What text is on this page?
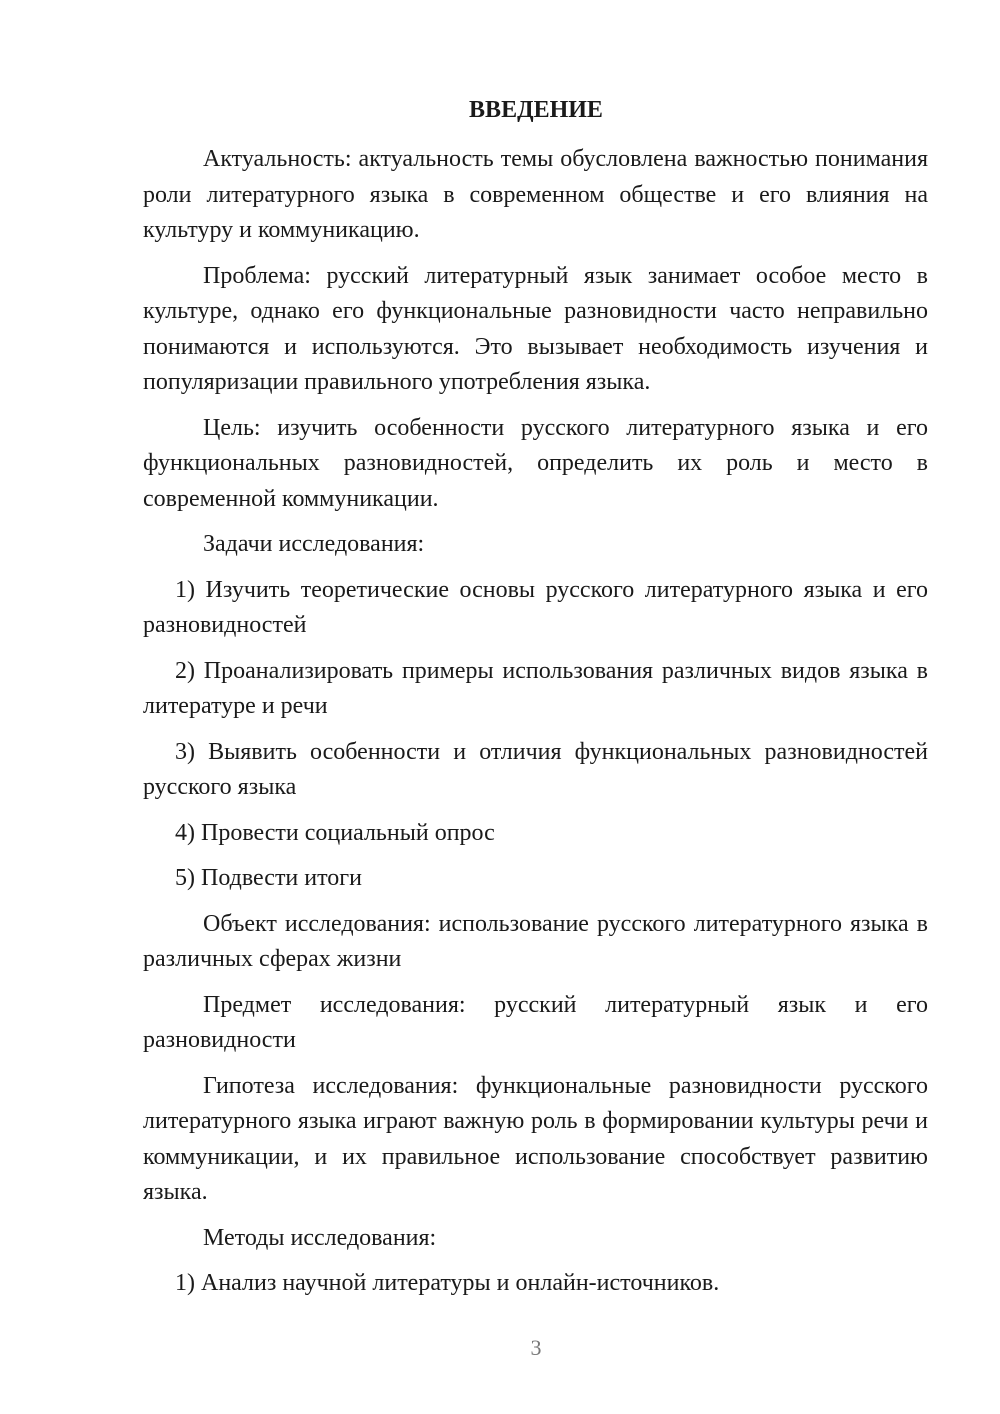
ВВЕДЕНИЕ

Актуальность: актуальность темы обусловлена важностью понимания роли литературного языка в современном обществе и его влияния на культуру и коммуникацию.

Проблема: русский литературный язык занимает особое место в культуре, однако его функциональные разновидности часто неправильно понимаются и используются. Это вызывает необходимость изучения и популяризации правильного употребления языка.

Цель: изучить особенности русского литературного языка и его функциональных разновидностей, определить их роль и место в современной коммуникации.

Задачи исследования:

1) Изучить теоретические основы русского литературного языка и его разновидностей

2) Проанализировать примеры использования различных видов языка в литературе и речи

3) Выявить особенности и отличия функциональных разновидностей русского языка

4) Провести социальный опрос

5) Подвести итоги

Объект исследования: использование русского литературного языка в различных сферах жизни

Предмет исследования: русский литературный язык и его разновидности

Гипотеза исследования: функциональные разновидности русского литературного языка играют важную роль в формировании культуры речи и коммуникации, и их правильное использование способствует развитию языка.

Методы исследования:

1) Анализ научной литературы и онлайн-источников.

3
